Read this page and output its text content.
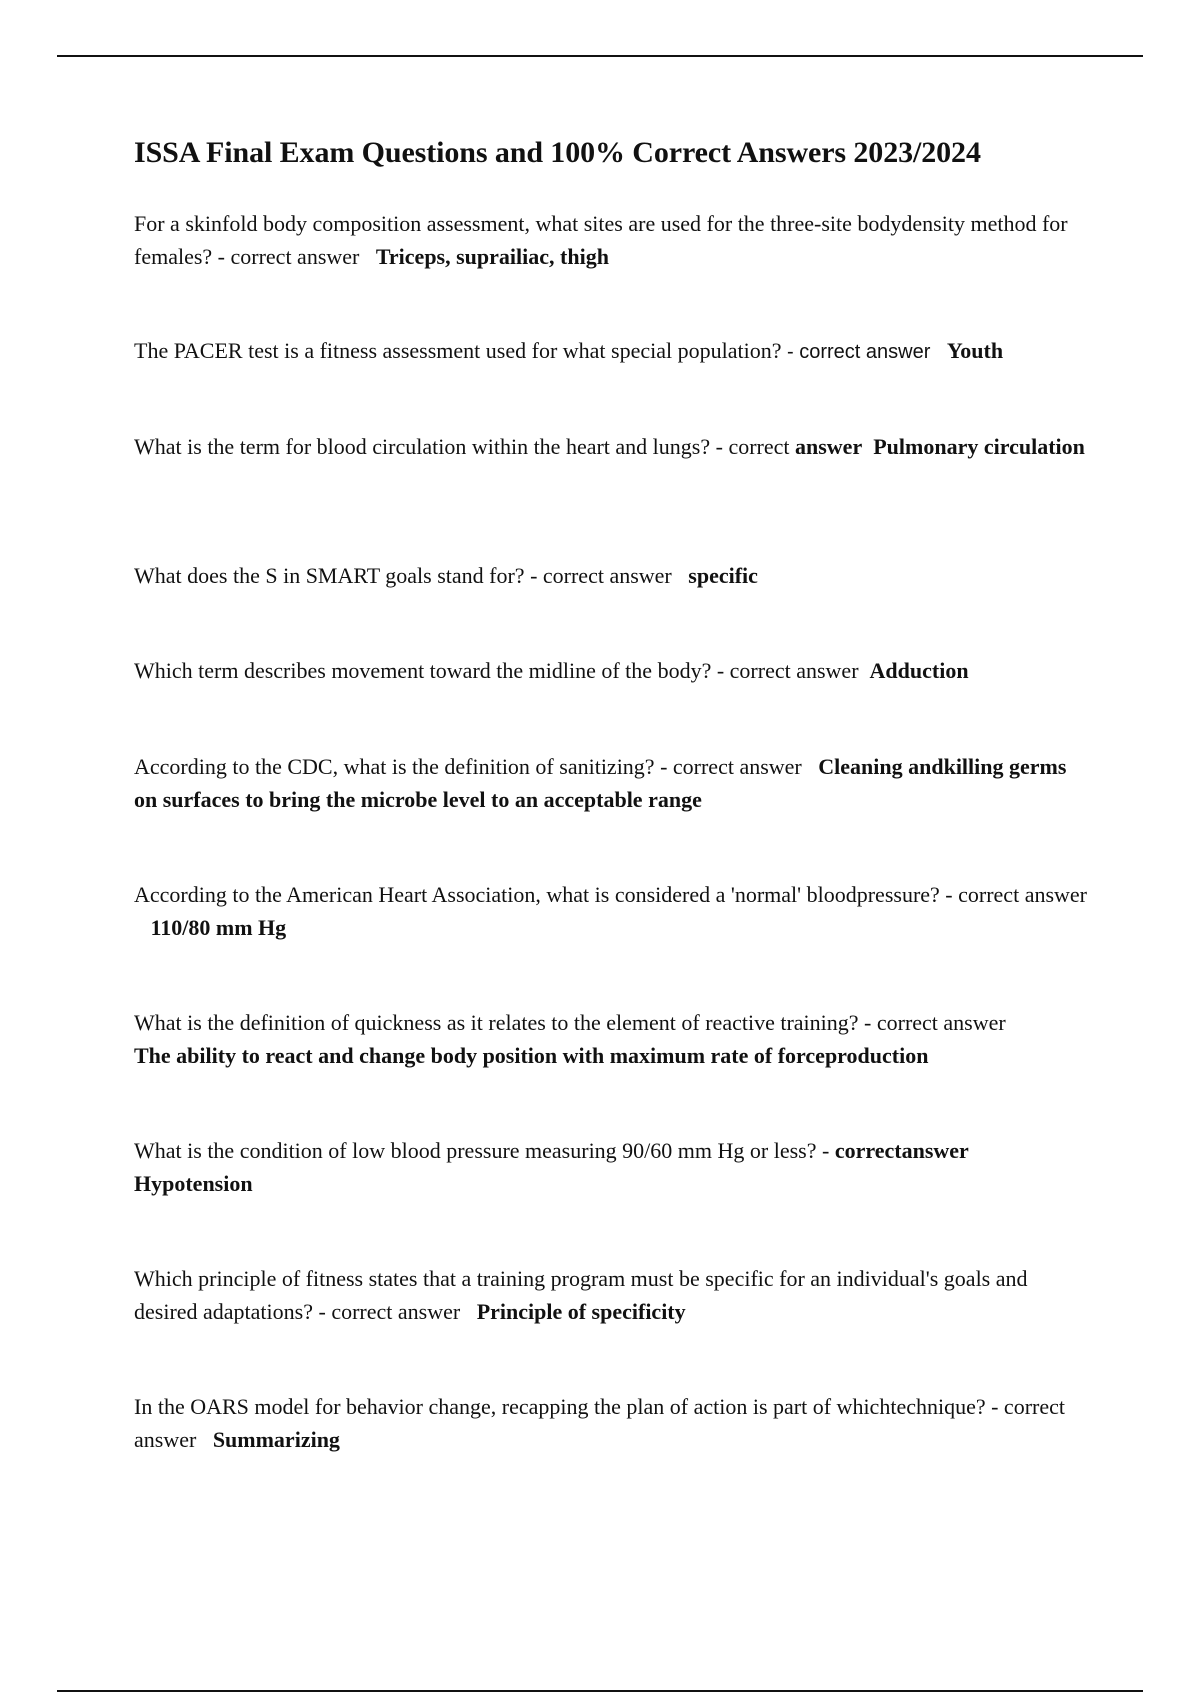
ISSA Final Exam Questions and 100% Correct Answers 2023/2024

For a skinfold body composition assessment, what sites are used for the three-site bodydensity method for females? - correct answer Triceps, suprailiac, thigh

The PACER test is a fitness assessment used for what special population? - correct answer Youth

What is the term for blood circulation within the heart and lungs? - correct answer Pulmonary circulation

What does the S in SMART goals stand for? - correct answer specific

Which term describes movement toward the midline of the body? - correct answer Adduction

According to the CDC, what is the definition of sanitizing? - correct answer Cleaning andkilling germs on surfaces to bring the microbe level to an acceptable range

According to the American Heart Association, what is considered a 'normal' bloodpressure? - correct answer   110/80 mm Hg

What is the definition of quickness as it relates to the element of reactive training? - correct answer
The ability to react and change body position with maximum rate of forceproduction

What is the condition of low blood pressure measuring 90/60 mm Hg or less? - correctanswer
Hypotension

Which principle of fitness states that a training program must be specific for an individual's goals and desired adaptations? - correct answer Principle of specificity

In the OARS model for behavior change, recapping the plan of action is part of whichtechnique? - correct answer Summarizing
